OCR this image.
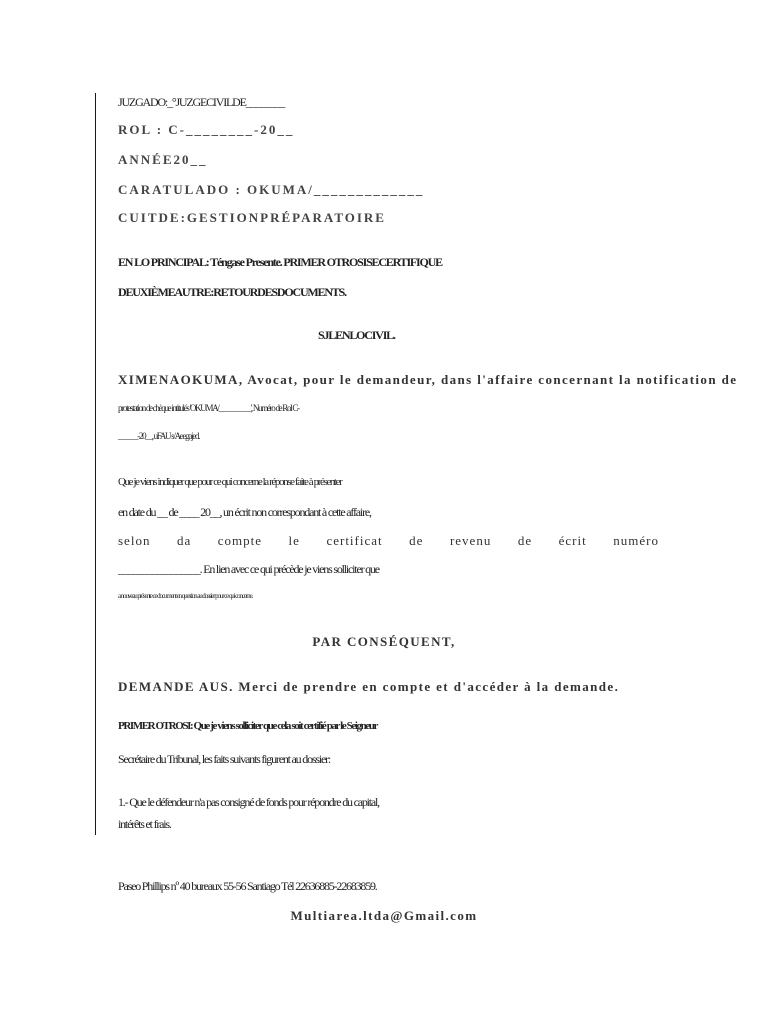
JUZGADO:_°JUZGECIVILDE________
ROL : C-________-20__
ANNÉE20__
CARATULADO : OKUMA/_____________
CUITDE:GESTIONPRÉPARATOIRE
EN LO PRINCIPAL: Téngase Presente. PRIMER OTROSISECERTIFIQUE
DEUXIÈMEAUTRE:RETOURDESDOCUMENTS.
SJLENLOCIVIL.
XIMENAOKUMA, Avocat, pour le demandeur, dans l'affaire concernant la notification de
protestation de chèque intitulés 'OKUMA/__________', Numéro de Rol C-
______-20__, uFAU s/Aeegajed.
Que je viens indiquer que pour ce qui concerne la réponse faite à présenter
en date du __ de ____ 20__, un écrit non correspondant à cette affaire,
selon da compte le certificat de revenu de écrit numéro
_________________. En lien avec ce qui précède je viens solliciter que
a nouveau présente ce document en question au dossier pour ce qui concerne.
PAR CONSÉQUENT,
DEMANDE AUS. Merci de prendre en compte et d'accéder à la demande.
PRIMER OTROSI: Que je viens solliciter que cela soit certifié par le Seigneur
Secrétaire du Tribunal, les faits suivants figurent au dossier:
1.- Que le défendeur n'a pas consigné de fonds pour répondre du capital,
intérêts et frais.
Paseo Phillips nº 40 bureaux 55-56 Santiago Tél 22636885-22683859.
Multiarea.ltda@Gmail.com
